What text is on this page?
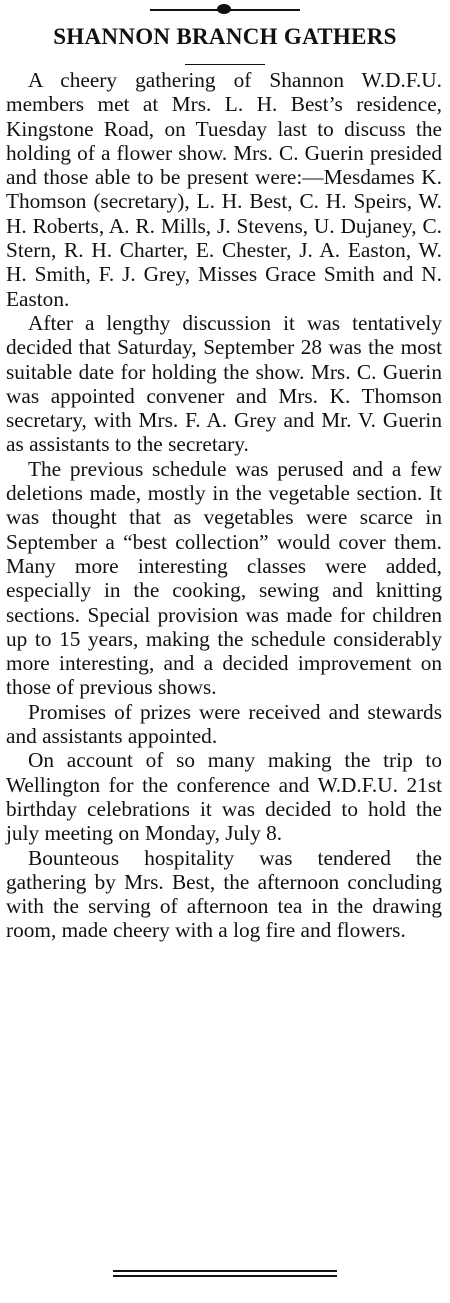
SHANNON BRANCH GATHERS

A cheery gathering of Shannon W.D.F.U. members met at Mrs. L. H. Best’s residence, Kingstone Road, on Tuesday last to discuss the holding of a flower show. Mrs. C. Guerin presided and those able to be present were:—Mesdames K. Thomson (secretary), L. H. Best, C. H. Speirs, W. H. Roberts, A. R. Mills, J. Stevens, U. Dujaney, C. Stern, R. H. Charter, E. Chester, J. A. Easton, W. H. Smith, F. J. Grey, Misses Grace Smith and N. Easton.

After a lengthy discussion it was tentatively decided that Saturday, September 28 was the most suitable date for holding the show. Mrs. C. Guerin was appointed convener and Mrs. K. Thomson secretary, with Mrs. F. A. Grey and Mr. V. Guerin as assistants to the secretary.

The previous schedule was perused and a few deletions made, mostly in the vegetable section. It was thought that as vegetables were scarce in September a “best collection” would cover them. Many more interesting classes were added, especially in the cooking, sewing and knitting sections. Special provision was made for children up to 15 years, making the schedule considerably more interesting, and a decided improvement on those of previous shows.

Promises of prizes were received and stewards and assistants appointed.

On account of so many making the trip to Wellington for the conference and W.D.F.U. 21st birthday celebrations it was decided to hold the july meeting on Monday, July 8.

Bounteous hospitality was tendered the gathering by Mrs. Best, the afternoon concluding with the serving of afternoon tea in the drawing room, made cheery with a log fire and flowers.
